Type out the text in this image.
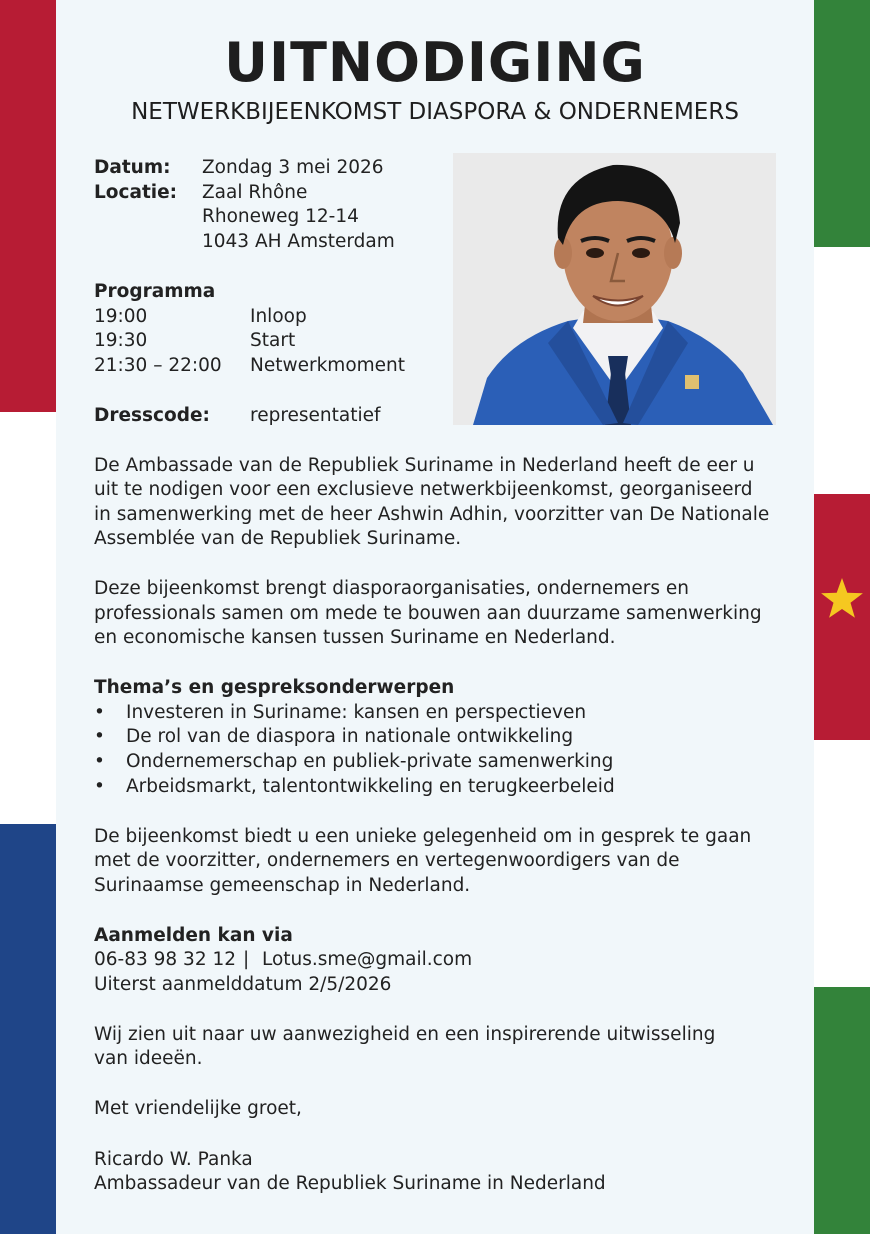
UITNODIGING
NETWERKBIJEENKOMST DIASPORA & ONDERNEMERS
Datum: Zondag 3 mei 2026
Locatie: Zaal Rhône
Rhoneweg 12-14
1043 AH Amsterdam
Programma
19:00	Inloop
19:30	Start
21:30 – 22:00 Netwerkmoment
Dresscode: representatief
De Ambassade van de Republiek Suriname in Nederland heeft de eer u
uit te nodigen voor een exclusieve netwerkbijeenkomst, georganiseerd
in samenwerking met de heer Ashwin Adhin, voorzitter van De Nationale
Assemblée van de Republiek Suriname.
Deze bijeenkomst brengt diasporaorganisaties, ondernemers en
professionals samen om mede te bouwen aan duurzame samenwerking
en economische kansen tussen Suriname en Nederland.
Thema’s en gespreksonderwerpen
• Investeren in Suriname: kansen en perspectieven
• De rol van de diaspora in nationale ontwikkeling
• Ondernemerschap en publiek-private samenwerking
• Arbeidsmarkt, talentontwikkeling en terugkeerbeleid
De bijeenkomst biedt u een unieke gelegenheid om in gesprek te gaan
met de voorzitter, ondernemers en vertegenwoordigers van de
Surinaamse gemeenschap in Nederland.
Aanmelden kan via
06-83 98 32 12 | Lotus.sme@gmail.com
Uiterst aanmelddatum 2/5/2026
Wij zien uit naar uw aanwezigheid en een inspirerende uitwisseling
van ideeën.
Met vriendelijke groet,
Ricardo W. Panka
Ambassadeur van de Republiek Suriname in Nederland
